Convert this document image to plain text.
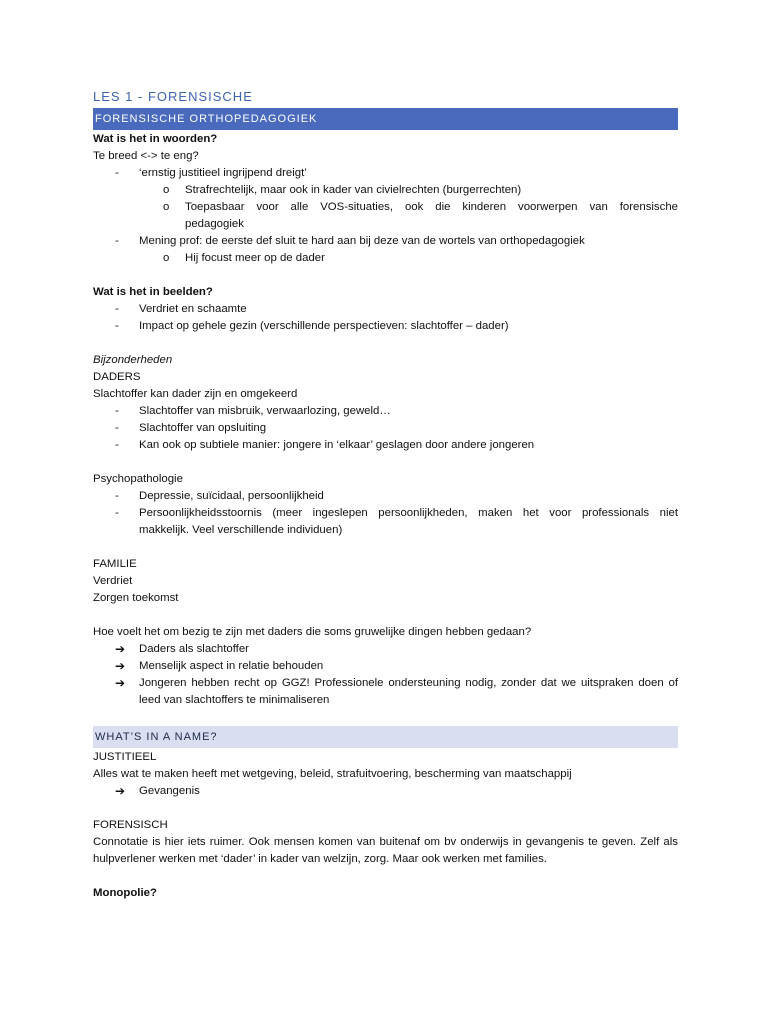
LES 1 - FORENSISCHE
FORENSISCHE ORTHOPEDAGOGIEK
Wat is het in woorden?
Te breed <-> te eng?
- ‘ernstig justitieel ingrijpend dreigt’
o Strafrechtelijk, maar ook in kader van civielrechten (burgerrechten)
o Toepasbaar voor alle VOS-situaties, ook die kinderen voorwerpen van forensische
pedagogiek
- Mening prof: de eerste def sluit te hard aan bij deze van de wortels van orthopedagogiek
o Hij focust meer op de dader
Wat is het in beelden?
- Verdriet en schaamte
- Impact op gehele gezin (verschillende perspectieven: slachtoffer – dader)
Bijzonderheden
DADERS
Slachtoffer kan dader zijn en omgekeerd
- Slachtoffer van misbruik, verwaarlozing, geweld…
- Slachtoffer van opsluiting
- Kan ook op subtiele manier: jongere in ‘elkaar’ geslagen door andere jongeren
Psychopathologie
- Depressie, suïcidaal, persoonlijkheid
- Persoonlijkheidsstoornis (meer ingeslepen persoonlijkheden, maken het voor professionals niet
makkelijk. Veel verschillende individuen)
FAMILIE
Verdriet
Zorgen toekomst
Hoe voelt het om bezig te zijn met daders die soms gruwelijke dingen hebben gedaan?
➔ Daders als slachtoffer
➔ Menselijk aspect in relatie behouden
➔ Jongeren hebben recht op GGZ! Professionele ondersteuning nodig, zonder dat we uitspraken doen of
leed van slachtoffers te minimaliseren
WHAT’S IN A NAME?
JUSTITIEEL
Alles wat te maken heeft met wetgeving, beleid, strafuitvoering, bescherming van maatschappij
➔ Gevangenis
FORENSISCH
Connotatie is hier iets ruimer. Ook mensen komen van buitenaf om bv onderwijs in gevangenis te geven. Zelf als hulpverlener werken met ‘dader’ in kader van welzijn, zorg. Maar ook werken met families.
Monopolie?
